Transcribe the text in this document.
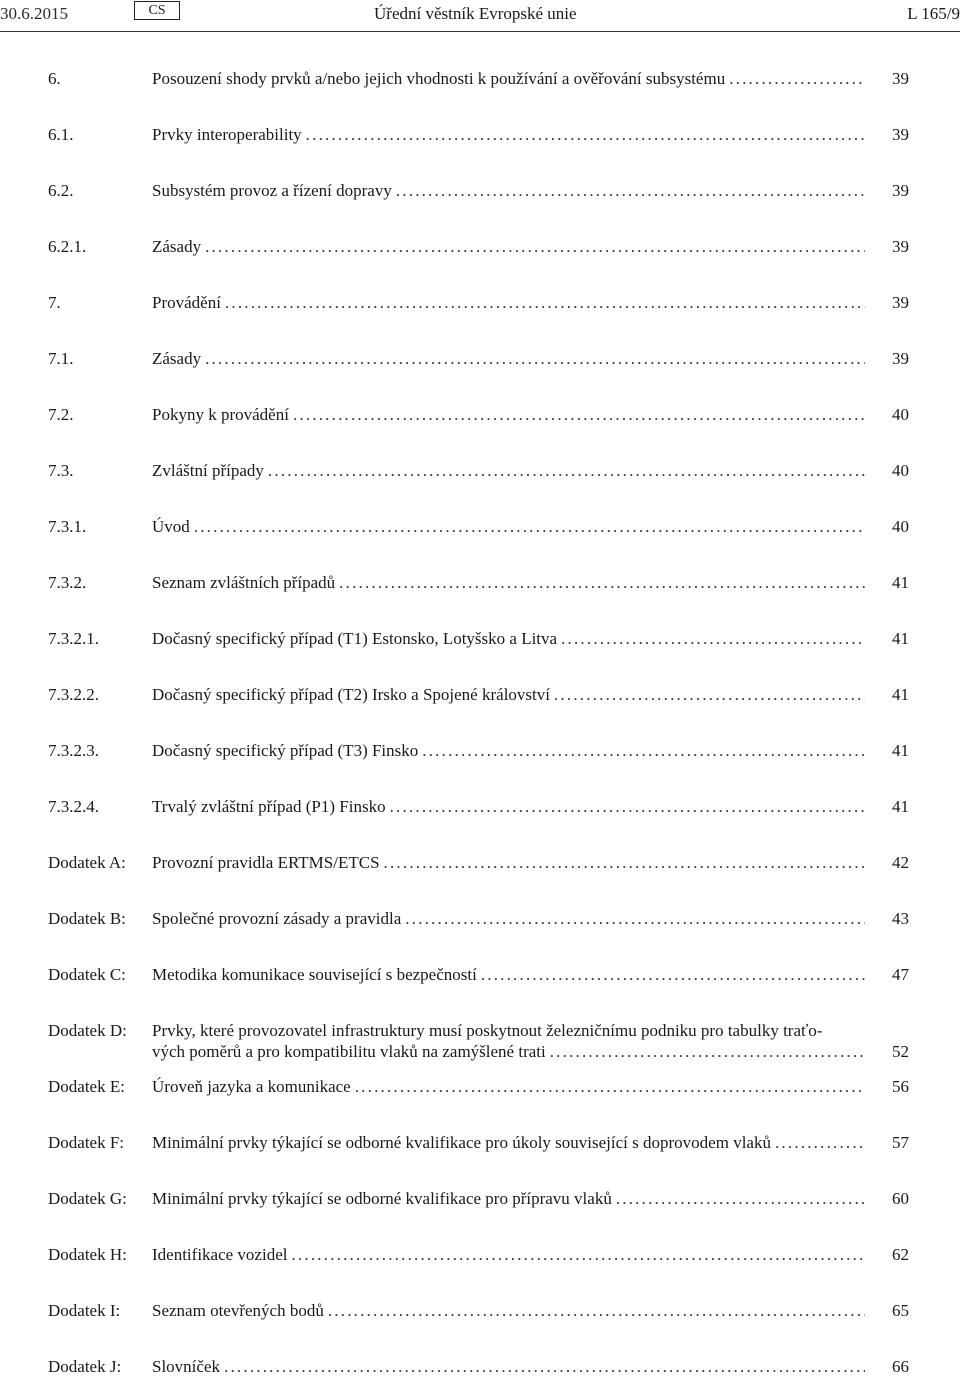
30.6.2015	CS	Úřední věstník Evropské unie	L 165/9
6.	Posouzení shody prvků a/nebo jejich vhodnosti k používání a ověřování subsystému .....	39
6.1.	Prvky interoperability .....	39
6.2.	Subsystém provoz a řízení dopravy .....	39
6.2.1.	Zásady .....	39
7.	Provádění .....	39
7.1.	Zásady .....	39
7.2.	Pokyny k provádění .....	40
7.3.	Zvláštní případy .....	40
7.3.1.	Úvod .....	40
7.3.2.	Seznam zvláštních případů .....	41
7.3.2.1.	Dočasný specifický případ (T1) Estonsko, Lotyšsko a Litva .....	41
7.3.2.2.	Dočasný specifický případ (T2) Irsko a Spojené království .....	41
7.3.2.3.	Dočasný specifický případ (T3) Finsko .....	41
7.3.2.4.	Trvalý zvláštní případ (P1) Finsko .....	41
Dodatek A: Provozní pravidla ERTMS/ETCS .....	42
Dodatek B: Společné provozní zásady a pravidla .....	43
Dodatek C: Metodika komunikace související s bezpečností .....	47
Dodatek D: Prvky, které provozovatel infrastruktury musí poskytnout železničnímu podniku pro tabulky traťo-
vých poměrů a pro kompatibilitu vlaků na zamýšlené trati .....	52
Dodatek E: Úroveň jazyka a komunikace .....	56
Dodatek F: Minimální prvky týkající se odborné kvalifikace pro úkoly související s doprovodem vlaků .....	57
Dodatek G: Minimální prvky týkající se odborné kvalifikace pro přípravu vlaků .....	60
Dodatek H: Identifikace vozidel .....	62
Dodatek I: Seznam otevřených bodů .....	65
Dodatek J: Slovníček .....	66
